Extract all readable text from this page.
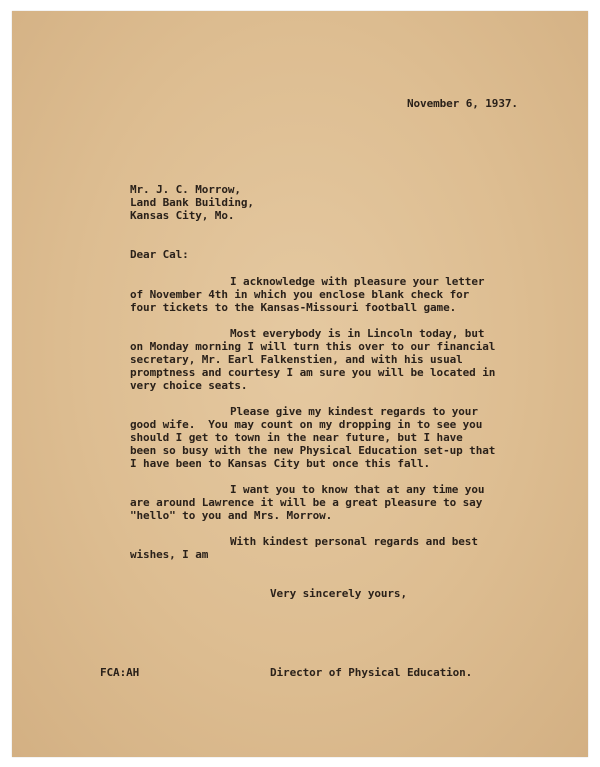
November 6, 1937.
Mr. J. C. Morrow,
Land Bank Building,
Kansas City, Mo.
Dear Cal:
I acknowledge with pleasure your letter
of November 4th in which you enclose blank check for
four tickets to the Kansas-Missouri football game.
Most everybody is in Lincoln today, but
on Monday morning I will turn this over to our financial
secretary, Mr. Earl Falkenstien, and with his usual
promptness and courtesy I am sure you will be located in
very choice seats.
Please give my kindest regards to your
good wife.  You may count on my dropping in to see you
should I get to town in the near future, but I have
been so busy with the new Physical Education set-up that
I have been to Kansas City but once this fall.
I want you to know that at any time you
are around Lawrence it will be a great pleasure to say
"hello" to you and Mrs. Morrow.
With kindest personal regards and best
wishes, I am
Very sincerely yours,
FCA:AH	Director of Physical Education.
